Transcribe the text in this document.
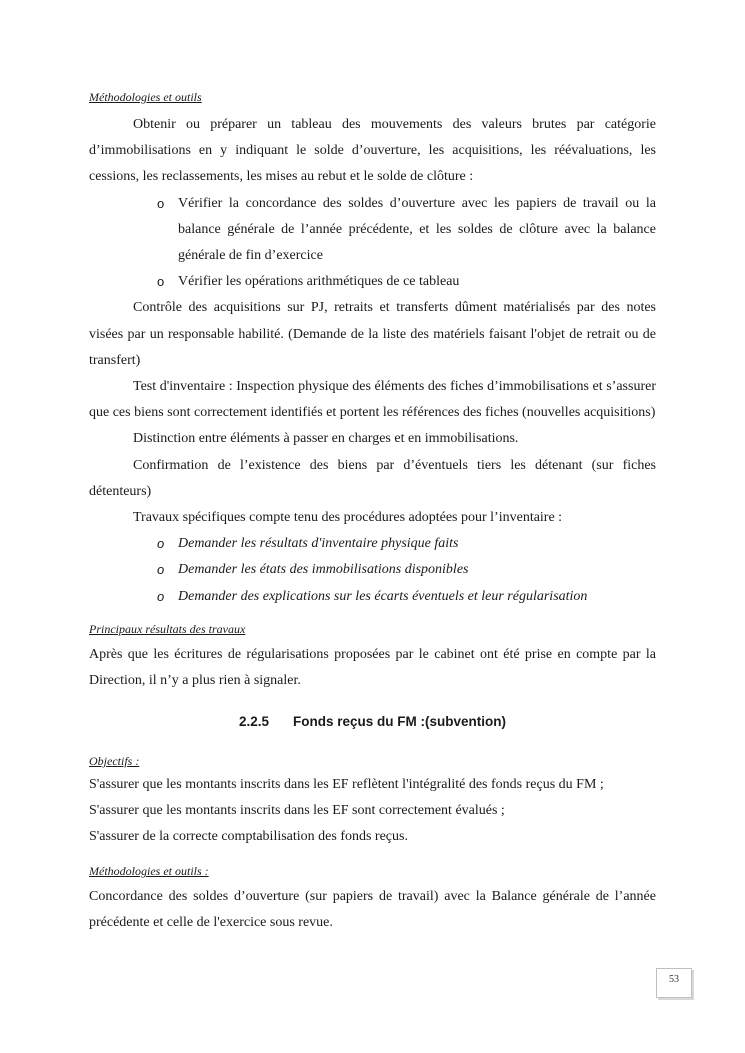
Méthodologies et outils

Obtenir ou préparer un tableau des mouvements des valeurs brutes par catégorie d’immobilisations en y indiquant le solde d’ouverture, les acquisitions, les réévaluations, les cessions, les reclassements, les mises au rebut et le solde de clôture :

o Vérifier la concordance des soldes d’ouverture avec les papiers de travail ou la balance générale de l’année précédente, et les soldes de clôture avec la balance générale de fin d’exercice
o Vérifier les opérations arithmétiques de ce tableau

Contrôle des acquisitions sur PJ, retraits et transferts dûment matérialisés par des notes visées par un responsable habilité. (Demande de la liste des matériels faisant l'objet de retrait ou de transfert)

Test d'inventaire : Inspection physique des éléments des fiches d’immobilisations et s’assurer que ces biens sont correctement identifiés et portent les références des fiches (nouvelles acquisitions)

Distinction entre éléments à passer en charges et en immobilisations.

Confirmation de l’existence des biens par d’éventuels tiers les détenant (sur fiches détenteurs)

Travaux spécifiques compte tenu des procédures adoptées pour l’inventaire :

o Demander les résultats d'inventaire physique faits
o Demander les états des immobilisations disponibles
o Demander des explications sur les écarts éventuels et leur régularisation

Principaux résultats des travaux

Après que les écritures de régularisations proposées par le cabinet ont été prise en compte par la Direction, il n’y a plus rien à signaler.

2.2.5 Fonds reçus du FM :(subvention)

Objectifs :

S'assurer que les montants inscrits dans les EF reflètent l'intégralité des fonds reçus du FM ;

S'assurer que les montants inscrits dans les EF sont correctement évalués ;

S'assurer de la correcte comptabilisation des fonds reçus.

Méthodologies et outils :

Concordance des soldes d’ouverture (sur papiers de travail) avec la Balance générale de l’année précédente et celle de l'exercice sous revue.

53
